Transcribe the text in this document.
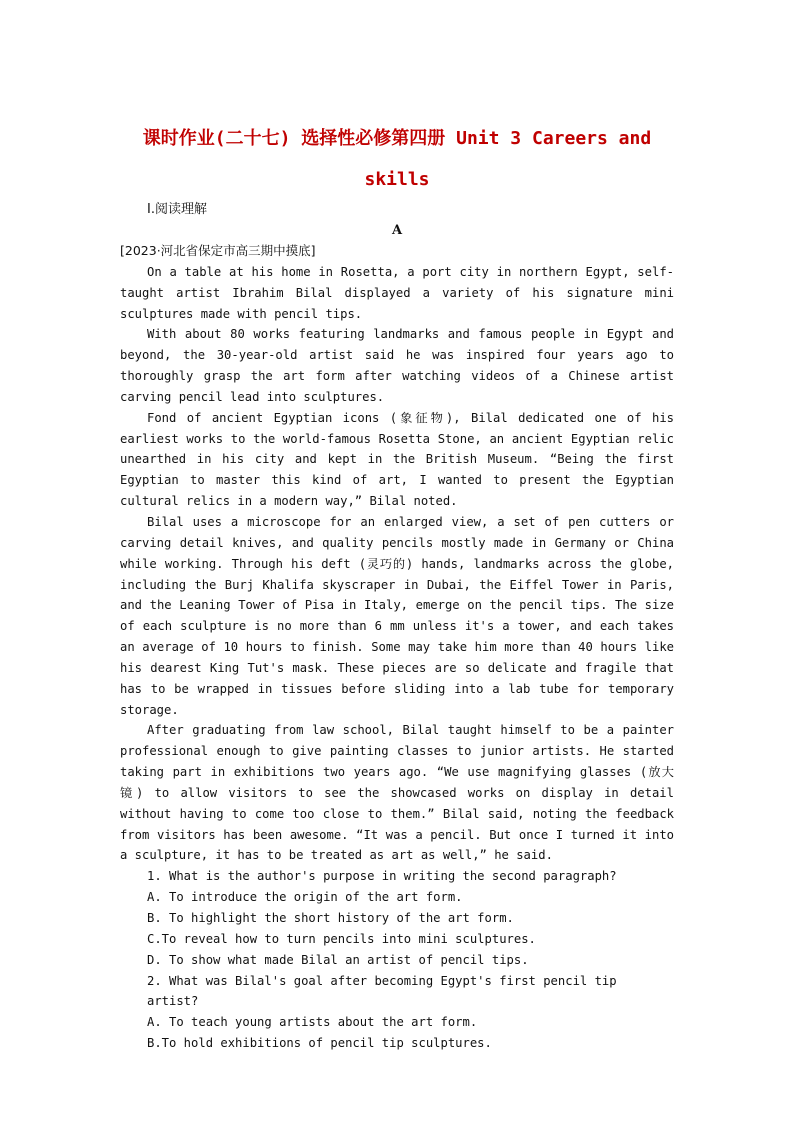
课时作业(二十七) 选择性必修第四册 Unit 3 Careers and skills
Ⅰ.阅读理解
A

[2023·河北省保定市高三期中摸底]

On a table at his home in Rosetta, a port city in northern Egypt, self-taught artist Ibrahim Bilal displayed a variety of his signature mini sculptures made with pencil tips.

With about 80 works featuring landmarks and famous people in Egypt and beyond, the 30-year-old artist said he was inspired four years ago to thoroughly grasp the art form after watching videos of a Chinese artist carving pencil lead into sculptures.

Fond of ancient Egyptian icons (象征物), Bilal dedicated one of his earliest works to the world-famous Rosetta Stone, an ancient Egyptian relic unearthed in his city and kept in the British Museum. “Being the first Egyptian to master this kind of art, I wanted to present the Egyptian cultural relics in a modern way,” Bilal noted.

Bilal uses a microscope for an enlarged view, a set of pen cutters or carving detail knives, and quality pencils mostly made in Germany or China while working. Through his deft (灵巧的) hands, landmarks across the globe, including the Burj Khalifa skyscraper in Dubai, the Eiffel Tower in Paris, and the Leaning Tower of Pisa in Italy, emerge on the pencil tips. The size of each sculpture is no more than 6 mm unless it's a tower, and each takes an average of 10 hours to finish. Some may take him more than 40 hours like his dearest King Tut's mask. These pieces are so delicate and fragile that has to be wrapped in tissues before sliding into a lab tube for temporary storage.

After graduating from law school, Bilal taught himself to be a painter professional enough to give painting classes to junior artists. He started taking part in exhibitions two years ago. “We use magnifying glasses (放大镜) to allow visitors to see the showcased works on display in detail without having to come too close to them.” Bilal said, noting the feedback from visitors has been awesome. “It was a pencil. But once I turned it into a sculpture, it has to be treated as art as well,” he said.

1. What is the author's purpose in writing the second paragraph?

A. To introduce the origin of the art form.

B. To highlight the short history of the art form.

C.To reveal how to turn pencils into mini sculptures.

D. To show what made Bilal an artist of pencil tips.

2. What was Bilal's goal after becoming Egypt's first pencil tip artist?

A. To teach young artists about the art form.

B.To hold exhibitions of pencil tip sculptures.
